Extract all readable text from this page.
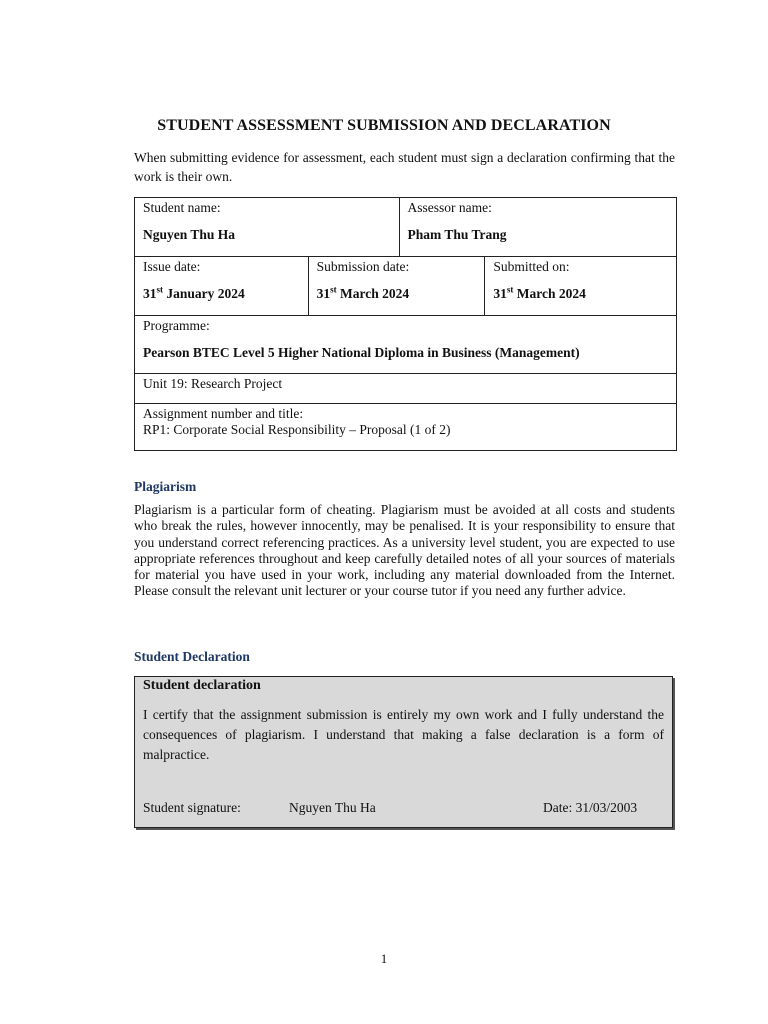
STUDENT ASSESSMENT SUBMISSION AND DECLARATION
When submitting evidence for assessment, each student must sign a declaration confirming that the work is their own.
Student name:
Nguyen Thu Ha		Assessor name:
Pham Thu Trang	

Issue date:
31st January 2024	Submission date:
31st March 2024		Submitted on:
31st March 2024

Programme:
Pearson BTEC Level 5 Higher National Diploma in Business (Management)			

Unit 19: Research Project			

Assignment number and title:
RP1: Corporate Social Responsibility – Proposal (1 of 2)			
Plagiarism
Plagiarism is a particular form of cheating. Plagiarism must be avoided at all costs and students who break the rules, however innocently, may be penalised. It is your responsibility to ensure that you understand correct referencing practices. As a university level student, you are expected to use appropriate references throughout and keep carefully detailed notes of all your sources of materials for material you have used in your work, including any material downloaded from the Internet. Please consult the relevant unit lecturer or your course tutor if you need any further advice.
Student Declaration
Student declaration
I certify that the assignment submission is entirely my own work and I fully understand the consequences of plagiarism. I understand that making a false declaration is a form of malpractice.
Student signature:	Nguyen Thu Ha	Date: 31/03/2003
1
